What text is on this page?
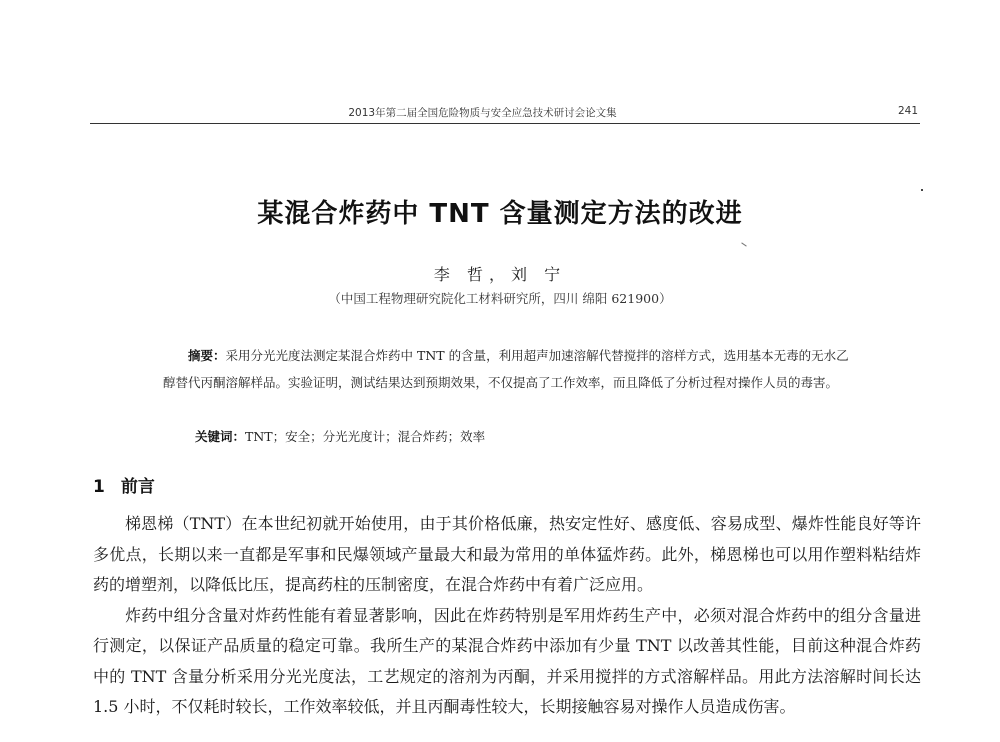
2013年第二届全国危险物质与安全应急技术研讨会论文集	241
某混合炸药中 TNT 含量测定方法的改进
李 哲，刘 宁
（中国工程物理研究院化工材料研究所，四川 绵阳 621900）

摘要：采用分光光度法测定某混合炸药中 TNT 的含量，利用超声加速溶解代替搅拌的溶样方式，选用基本无毒的无水乙醇替代丙酮溶解样品。实验证明，测试结果达到预期效果，不仅提高了工作效率，而且降低了分析过程对操作人员的毒害。

关键词：TNT；安全；分光光度计；混合炸药；效率
1 前言

梯恩梯（TNT）在本世纪初就开始使用，由于其价格低廉，热安定性好、感度低、容易成型、爆炸性能良好等许多优点，长期以来一直都是军事和民爆领域产量最大和最为常用的单体猛炸药。此外，梯恩梯也可以用作塑料粘结炸药的增塑剂，以降低比压，提高药柱的压制密度，在混合炸药中有着广泛应用。

炸药中组分含量对炸药性能有着显著影响，因此在炸药特别是军用炸药生产中，必须对混合炸药中的组分含量进行测定，以保证产品质量的稳定可靠。我所生产的某混合炸药中添加有少量 TNT 以改善其性能，目前这种混合炸药中的 TNT 含量分析采用分光光度法，工艺规定的溶剂为丙酮，并采用搅拌的方式溶解样品。用此方法溶解时间长达 1.5 小时，不仅耗时较长，工作效率较低，并且丙酮毒性较大，长期接触容易对操作人员造成伤害。
